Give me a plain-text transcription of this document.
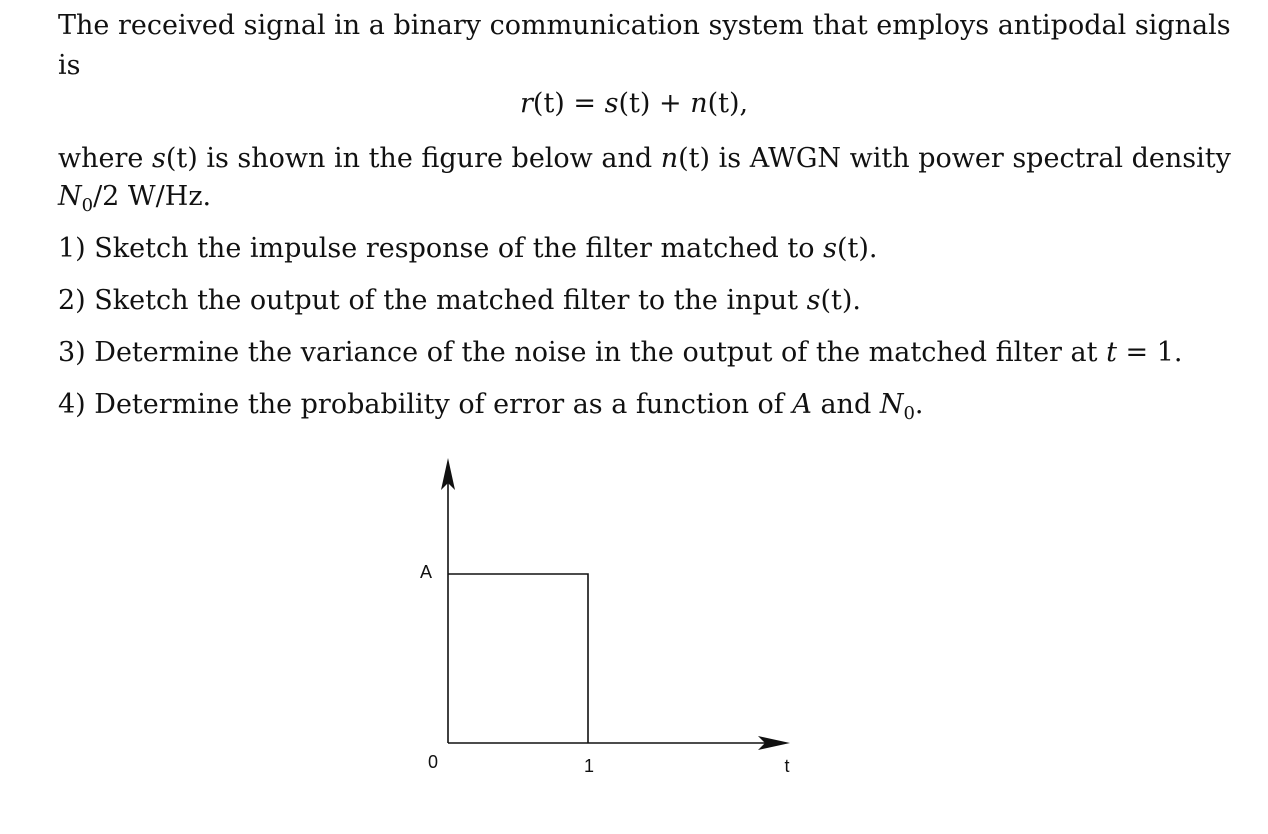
The received signal in a binary communication system that employs antipodal signals
is
r(t) = s(t) + n(t),
where s(t) is shown in the figure below and n(t) is AWGN with power spectral density
$N_0/2$ W/Hz.
1) Sketch the impulse response of the filter matched to s(t).
2) Sketch the output of the matched filter to the input s(t).
3) Determine the variance of the noise in the output of the matched filter at t = 1.
4) Determine the probability of error as a function of A and $N_0$.
A
0	1	t
